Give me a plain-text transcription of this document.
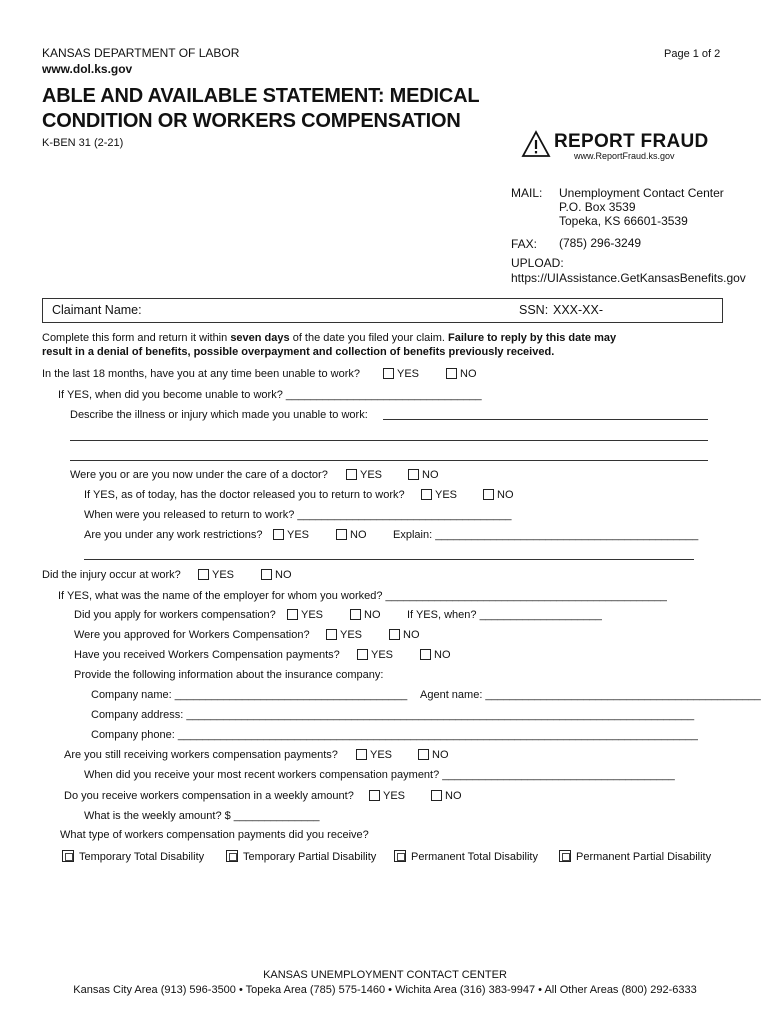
KANSAS DEPARTMENT OF LABOR
www.dol.ks.gov
Page 1 of 2
ABLE AND AVAILABLE STATEMENT: MEDICAL
CONDITION OR WORKERS COMPENSATION
K-BEN 31 (2-21)	REPORT FRAUD
www.ReportFraud.ks.gov
MAIL: Unemployment Contact Center
P.O. Box 3539
Topeka, KS 66601-3539
FAX: (785) 296-3249
UPLOAD:
https://UIAssistance.GetKansasBenefits.gov
Claimant Name:	SSN: XXX-XX-
Complete this form and return it within seven days of the date you filed your claim. Failure to reply by this date may
result in a denial of benefits, possible overpayment and collection of benefits previously received.
In the last 18 months, have you at any time been unable to work?	YES	NO
If YES, when did you become unable to work? ________________________________
Describe the illness or injury which made you unable to work:
Were you or are you now under the care of a doctor?	YES	NO
If YES, as of today, has the doctor released you to return to work?	YES	NO
When were you released to return to work? ___________________________________
Are you under any work restrictions?	YES	NO Explain: ___________________________________________
Did the injury occur at work?	YES	NO
If YES, what was the name of the employer for whom you worked? ______________________________________________
Did you apply for workers compensation?	YES	NO If YES, when? ____________________
Were you approved for Workers Compensation?	YES	NO
Have you received Workers Compensation payments?	YES	NO
Provide the following information about the insurance company:
Company name: ______________________________________ Agent name: _____________________________________________
Company address: ___________________________________________________________________________________
Company phone: _____________________________________________________________________________________
Are you still receiving workers compensation payments?	YES	NO
When did you receive your most recent workers compensation payment? ______________________________________
Do you receive workers compensation in a weekly amount?	YES	NO
What is the weekly amount? $ ______________
What type of workers compensation payments did you receive?
Temporary Total Disability	Temporary Partial Disability	Permanent Total Disability	Permanent Partial Disability
KANSAS UNEMPLOYMENT CONTACT CENTER
Kansas City Area (913) 596-3500 • Topeka Area (785) 575-1460 • Wichita Area (316) 383-9947 • All Other Areas (800) 292-6333
